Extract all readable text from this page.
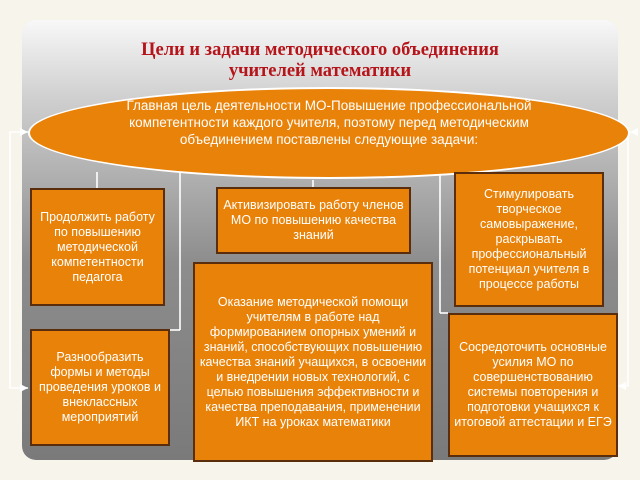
Цели и задачи методического объединения
учителей математики
Главная цель деятельности МО-Повышение профессиональной компетентности каждого учителя, поэтому перед методическим объединением поставлены следующие задачи:
Продолжить работу по повышению методической компетентности педагога
Активизировать работу членов МО по повышению качества знаний
Стимулировать творческое самовыражение, раскрывать профессиональный потенциал учителя в процессе работы
Оказание методической помощи учителям в работе над формированием опорных умений и знаний, способствующих повышению качества знаний учащихся, в освоении и внедрении новых технологий, с целью повышения эффективности и качества преподавания, применении ИКТ на уроках математики
Сосредоточить основные усилия МО по совершенствованию системы повторения и подготовки учащихся к итоговой аттестации и ЕГЭ
Разнообразить формы и методы проведения уроков и внеклассных мероприятий
